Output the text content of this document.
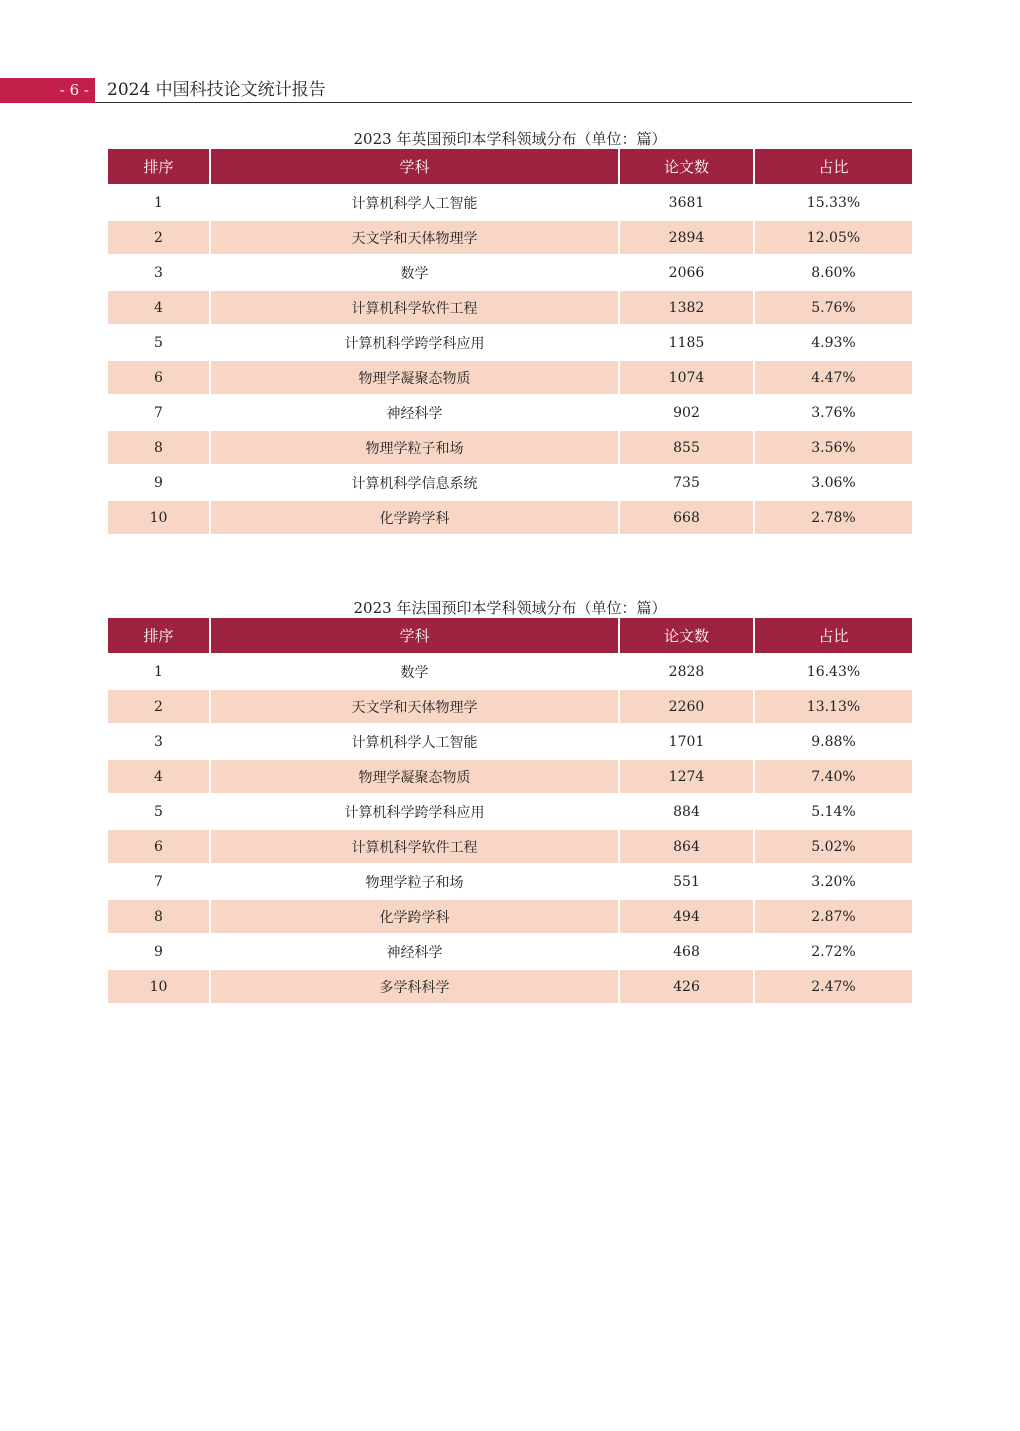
- 6 -	2024 中国科技论文统计报告
2023 年英国预印本学科领域分布（单位：篇）
排序	学科	论文数	占比
1	计算机科学人工智能	3681	15.33%
2	天文学和天体物理学	2894	12.05%
3	数学	2066	8.60%
4	计算机科学软件工程	1382	5.76%
5	计算机科学跨学科应用	1185	4.93%
6	物理学凝聚态物质	1074	4.47%
7	神经科学	902	3.76%
8	物理学粒子和场	855	3.56%
9	计算机科学信息系统	735	3.06%
10	化学跨学科	668	2.78%
2023 年法国预印本学科领域分布（单位：篇）
排序	学科	论文数	占比
1	数学	2828	16.43%
2	天文学和天体物理学	2260	13.13%
3	计算机科学人工智能	1701	9.88%
4	物理学凝聚态物质	1274	7.40%
5	计算机科学跨学科应用	884	5.14%
6	计算机科学软件工程	864	5.02%
7	物理学粒子和场	551	3.20%
8	化学跨学科	494	2.87%
9	神经科学	468	2.72%
10	多学科科学	426	2.47%
